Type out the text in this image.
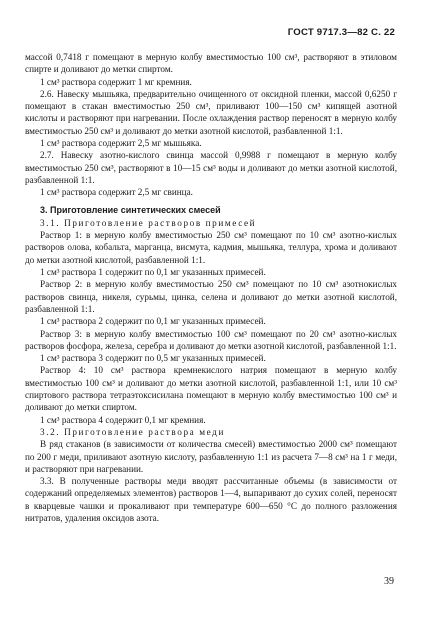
ГОСТ 9717.3—82 С. 22

массой 0,7418 г помещают в мерную колбу вместимостью 100 см³, растворяют в этиловом спирте и доливают до метки спиртом.

1 см³ раствора содержит 1 мг кремния.

2.6. Навеску мышьяка, предварительно очищенного от оксидной пленки, массой 0,6250 г помещают в стакан вместимостью 250 см³, приливают 100—150 см³ кипящей азотной кислоты и растворяют при нагревании. После охлаждения раствор переносят в мерную колбу вместимостью 250 см³ и доливают до метки азотной кислотой, разбавленной 1:1.

1 см³ раствора содержит 2,5 мг мышьяка.

2.7. Навеску азотно-кислого свинца массой 0,9988 г помещают в мерную колбу вместимостью 250 см³, растворяют в 10—15 см³ воды и доливают до метки азотной кислотой, разбавленной 1:1.

1 см³ раствора содержит 2,5 мг свинца.

3. Приготовление синтетических смесей

3.1. Приготовление растворов примесей

Раствор 1: в мерную колбу вместимостью 250 см³ помещают по 10 см³ азотно-кислых растворов олова, кобальта, марганца, висмута, кадмия, мышьяка, теллура, хрома и доливают до метки азотной кислотой, разбавленной 1:1.

1 см³ раствора 1 содержит по 0,1 мг указанных примесей.

Раствор 2: в мерную колбу вместимостью 250 см³ помещают по 10 см³ азотнокислых растворов свинца, никеля, сурьмы, цинка, селена и доливают до метки азотной кислотой, разбавленной 1:1.

1 см³ раствора 2 содержит по 0,1 мг указанных примесей.

Раствор 3: в мерную колбу вместимостью 100 см³ помещают по 20 см³ азотно-кислых растворов фосфора, железа, серебра и доливают до метки азотной кислотой, разбавленной 1:1.

1 см³ раствора 3 содержит по 0,5 мг указанных примесей.

Раствор 4: 10 см³ раствора кремнекислого натрия помещают в мерную колбу вместимостью 100 см³ и доливают до метки азотной кислотой, разбавленной 1:1, или 10 см³ спиртового раствора тетраэтоксисилана помещают в мерную колбу вместимостью 100 см³ и доливают до метки спиртом.

1 см³ раствора 4 содержит 0,1 мг кремния.

3.2. Приготовление раствора меди

В ряд стаканов (в зависимости от количества смесей) вместимостью 2000 см³ помещают по 200 г меди, приливают азотную кислоту, разбавленную 1:1 из расчета 7—8 см³ на 1 г меди, и растворяют при нагревании.

3.3. В полученные растворы меди вводят рассчитанные объемы (в зависимости от содержаний определяемых элементов) растворов 1—4, выпаривают до сухих солей, переносят в кварцевые чашки и прокаливают при температуре 600—650 °С до полного разложения нитратов, удаления оксидов азота.

39
